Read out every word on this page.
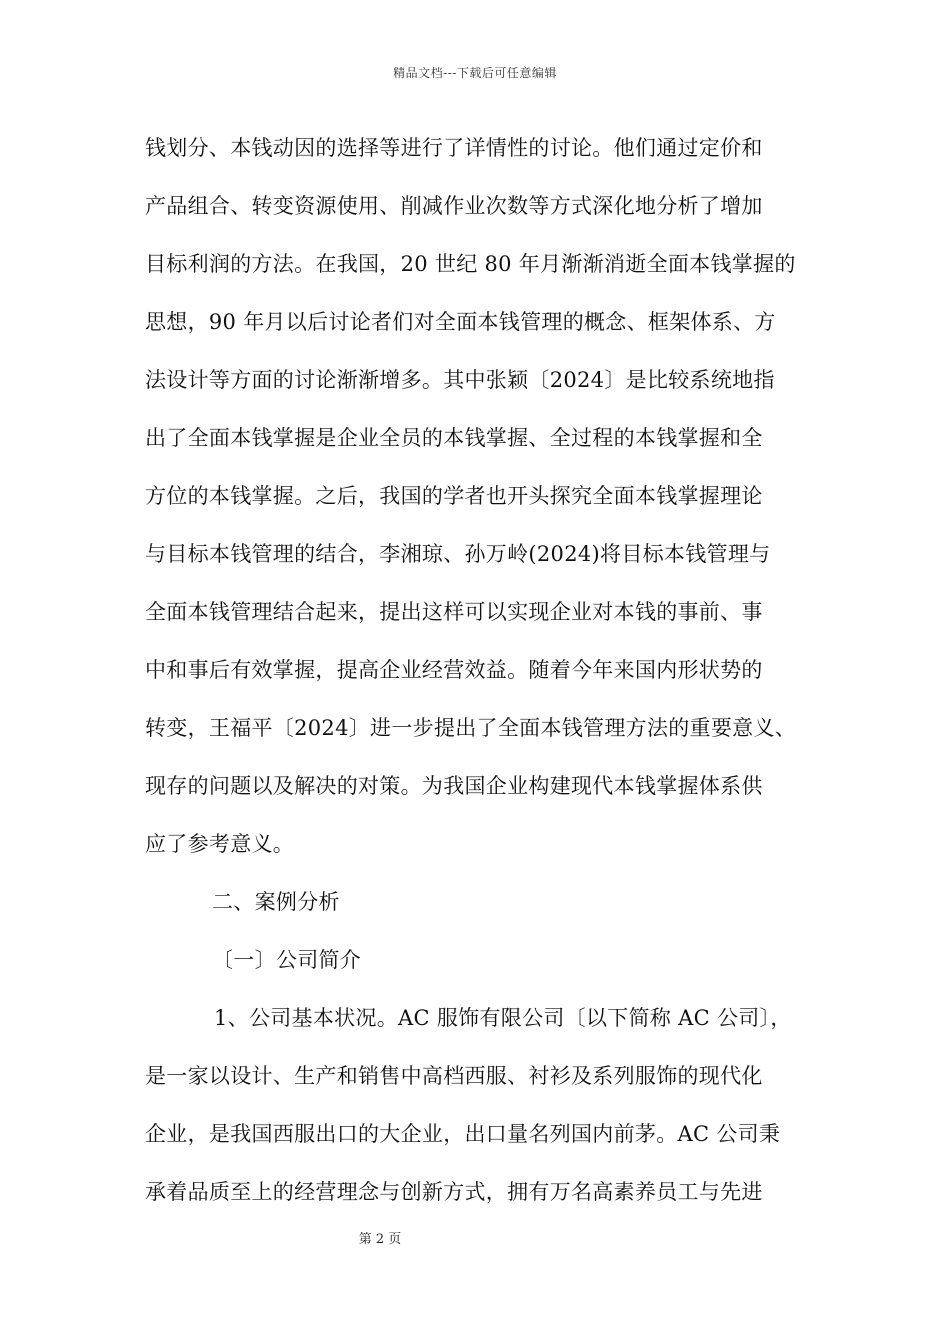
精品文档---下载后可任意编辑
钱划分、本钱动因的选择等进行了详情性的讨论。他们通过定价和
产品组合、转变资源使用、削减作业次数等方式深化地分析了增加
目标利润的方法。在我国，20 世纪 80 年月渐渐消逝全面本钱掌握的
思想，90 年月以后讨论者们对全面本钱管理的概念、框架体系、方
法设计等方面的讨论渐渐增多。其中张颖〔2024〕是比较系统地指
出了全面本钱掌握是企业全员的本钱掌握、全过程的本钱掌握和全
方位的本钱掌握。之后，我国的学者也开头探究全面本钱掌握理论
与目标本钱管理的结合，李湘琼、孙万岭(2024)将目标本钱管理与
全面本钱管理结合起来，提出这样可以实现企业对本钱的事前、事
中和事后有效掌握，提高企业经营效益。随着今年来国内形状势的
转变，王福平〔2024〕进一步提出了全面本钱管理方法的重要意义、
现存的问题以及解决的对策。为我国企业构建现代本钱掌握体系供
应了参考意义。
二、案例分析
〔一〕公司简介
1、公司基本状况。AC 服饰有限公司〔以下简称 AC 公司〕，
是一家以设计、生产和销售中高档西服、衬衫及系列服饰的现代化
企业，是我国西服出口的大企业，出口量名列国内前茅。AC 公司秉
承着品质至上的经营理念与创新方式，拥有万名高素养员工与先进
第 2 页
